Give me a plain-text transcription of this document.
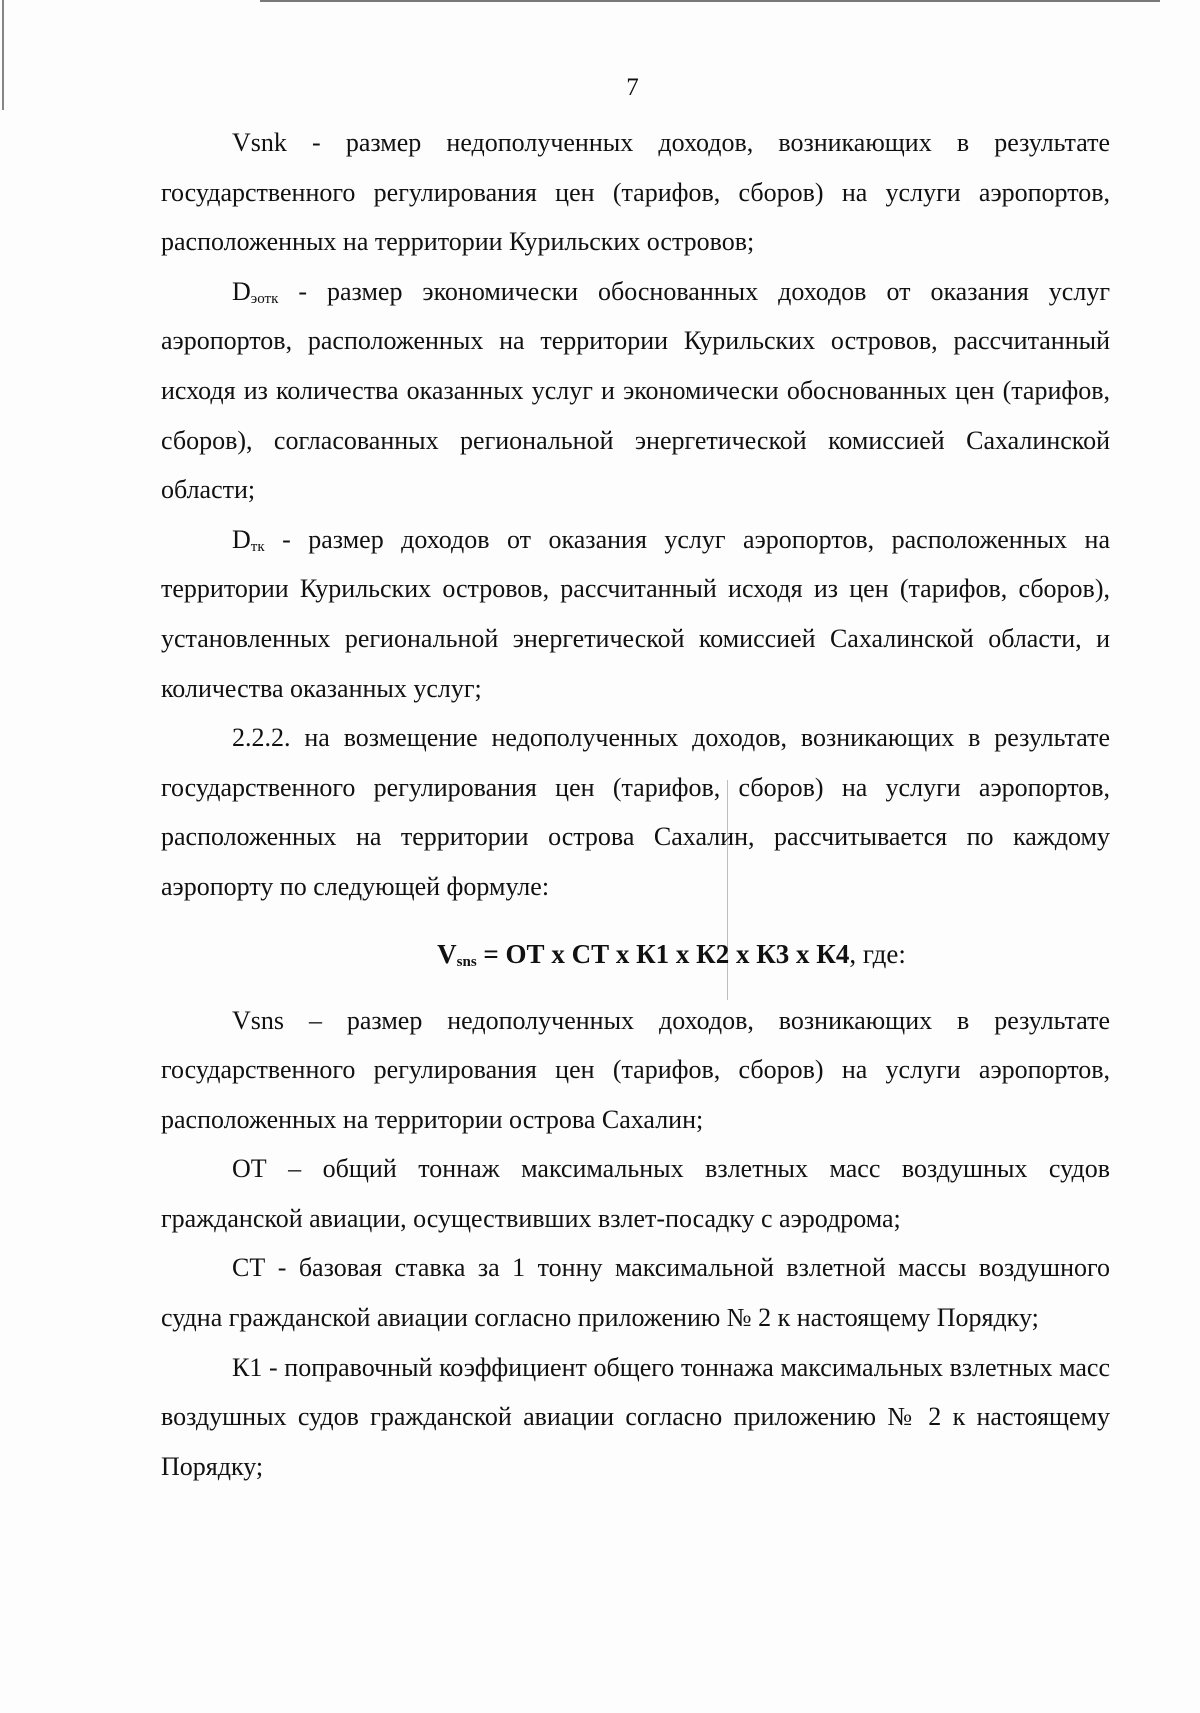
7

Vsnk - размер недополученных доходов, возникающих в результате государственного регулирования цен (тарифов, сборов) на услуги аэропортов, расположенных на территории Курильских островов;

$D_{эотк}$ - размер экономически обоснованных доходов от оказания услуг аэропортов, расположенных на территории Курильских островов, рассчитанный исходя из количества оказанных услуг и экономически обоснованных цен (тарифов, сборов), согласованных региональной энергетической комиссией Сахалинской области;

$D_{тк}$ - размер доходов от оказания услуг аэропортов, расположенных на территории Курильских островов, рассчитанный исходя из цен (тарифов, сборов), установленных региональной энергетической комиссией Сахалинской области, и количества оказанных услуг;

2.2.2. на возмещение недополученных доходов, возникающих в результате государственного регулирования цен (тарифов, сборов) на услуги аэропортов, расположенных на территории острова Сахалин, рассчитывается по каждому аэропорту по следующей формуле:

$V_{sns}$ = ОТ х СТ х К1 х К2 х К3 х К4, где:

Vsns – размер недополученных доходов, возникающих в результате государственного регулирования цен (тарифов, сборов) на услуги аэропортов, расположенных на территории острова Сахалин;

ОТ – общий тоннаж максимальных взлетных масс воздушных судов гражданской авиации, осуществивших взлет-посадку с аэродрома;

СТ - базовая ставка за 1 тонну максимальной взлетной массы воздушного судна гражданской авиации согласно приложению № 2 к настоящему Порядку;

К1 - поправочный коэффициент общего тоннажа максимальных взлетных масс воздушных судов гражданской авиации согласно приложению № 2 к настоящему Порядку;
